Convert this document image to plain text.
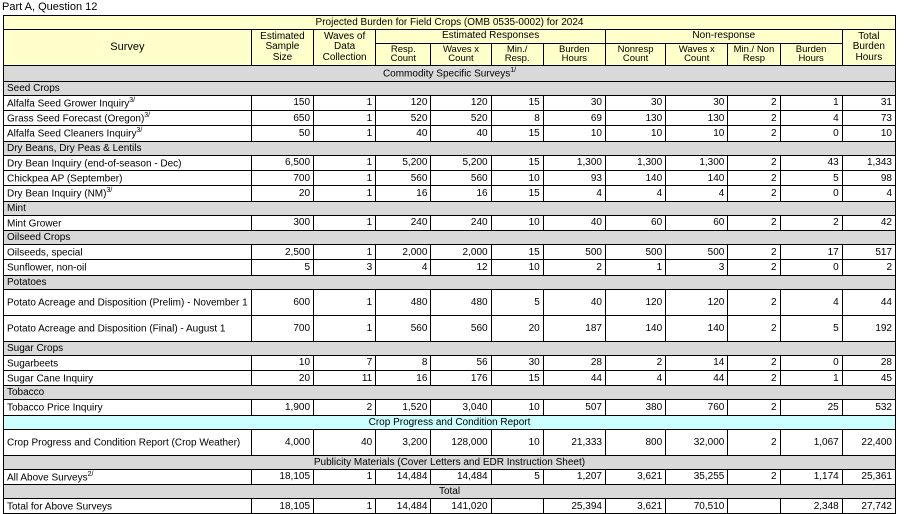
Part A, Question 12
Projected Burden for Field Crops (OMB 0535-0002) for 2024											
Survey	Estimated Sample Size	Waves of Data Collection	Estimated Responses				Non-response				Total Burden Hours
			Resp. Count	Waves x Count	Min./ Resp.	Burden Hours	Nonresp Count	Waves x Count	Min./ Non Resp	Burden Hours	
Commodity Specific Surveys$^{1/}$
Seed Crops											
Alfalfa Seed Grower Inquiry$^{3/}$	150	1	120	120	15	30	30	30	2	1	31
Grass Seed Forecast (Oregon)$^{3/}$	650	1	520	520	8	69	130	130	2	4	73
Alfalfa Seed Cleaners Inquiry$^{3/}$	50	1	40	40	15	10	10	10	2	0	10
Dry Beans, Dry Peas & Lentils											
Dry Bean Inquiry (end-of-season - Dec)	6,500	1	5,200	5,200	15	1,300	1,300	1,300	2	43	1,343
Chickpea AP (September)	700	1	560	560	10	93	140	140	2	5	98
Dry Bean Inquiry (NM)$^{3/}$	20	1	16	16	15	4	4	4	2	0	4
Mint											
Mint Grower	300	1	240	240	10	40	60	60	2	2	42
Oilseed Crops											
Oilseeds, special	2,500	1	2,000	2,000	15	500	500	500	2	17	517
Sunflower, non-oil	5	3	4	12	10	2	1	3	2	0	2
Potatoes											
Potato Acreage and Disposition (Prelim) - November 1	600	1	480	480	5	40	120	120	2	4	44
Potato Acreage and Disposition (Final) - August 1	700	1	560	560	20	187	140	140	2	5	192
Sugar Crops											
Sugarbeets	10	7	8	56	30	28	2	14	2	0	28
Sugar Cane Inquiry	20	11	16	176	15	44	4	44	2	1	45
Tobacco											
Tobacco Price Inquiry	1,900	2	1,520	3,040	10	507	380	760	2	25	532
Crop Progress and Condition Report											
Crop Progress and Condition Report (Crop Weather)	4,000	40	3,200	128,000	10	21,333	800	32,000	2	1,067	22,400
Publicity Materials (Cover Letters and EDR Instruction Sheet)											
All Above Surveys$^{2/}$	18,105	1	14,484	14,484	5	1,207	3,621	35,255	2	1,174	25,361
Total											
Total for Above Surveys	18,105	1	14,484	141,020		25,394	3,621	70,510		2,348	27,742
